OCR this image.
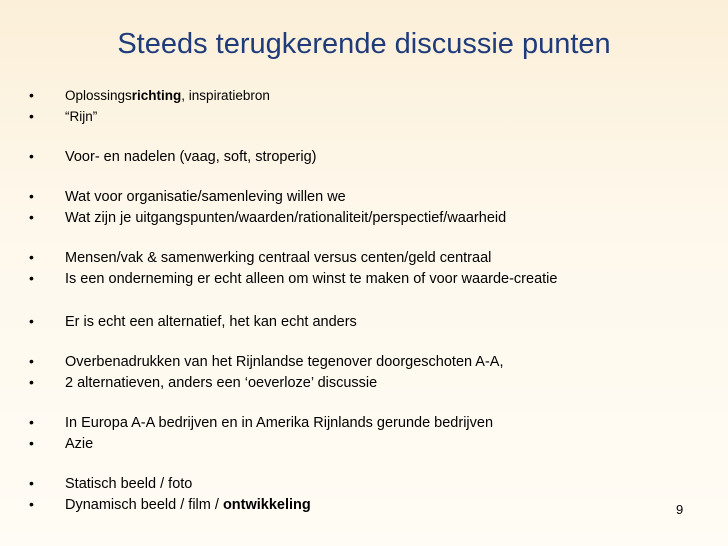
Steeds terugkerende discussie punten
• Oplossingsrichting, inspiratiebron
• “Rijn”
• Voor- en nadelen (vaag, soft, stroperig)
• Wat voor organisatie/samenleving willen we
• Wat zijn je uitgangspunten/waarden/rationaliteit/perspectief/waarheid
• Mensen/vak & samenwerking centraal versus centen/geld centraal
• Is een onderneming er echt alleen om winst te maken of voor waarde-creatie
• Er is echt een alternatief, het kan echt anders
• Overbenadrukken van het Rijnlandse tegenover doorgeschoten A-A,
• 2 alternatieven, anders een ‘oeverloze’ discussie
• In Europa A-A bedrijven en in Amerika Rijnlands gerunde bedrijven
• Azie
• Statisch beeld / foto
• Dynamisch beeld / film / ontwikkeling	9
